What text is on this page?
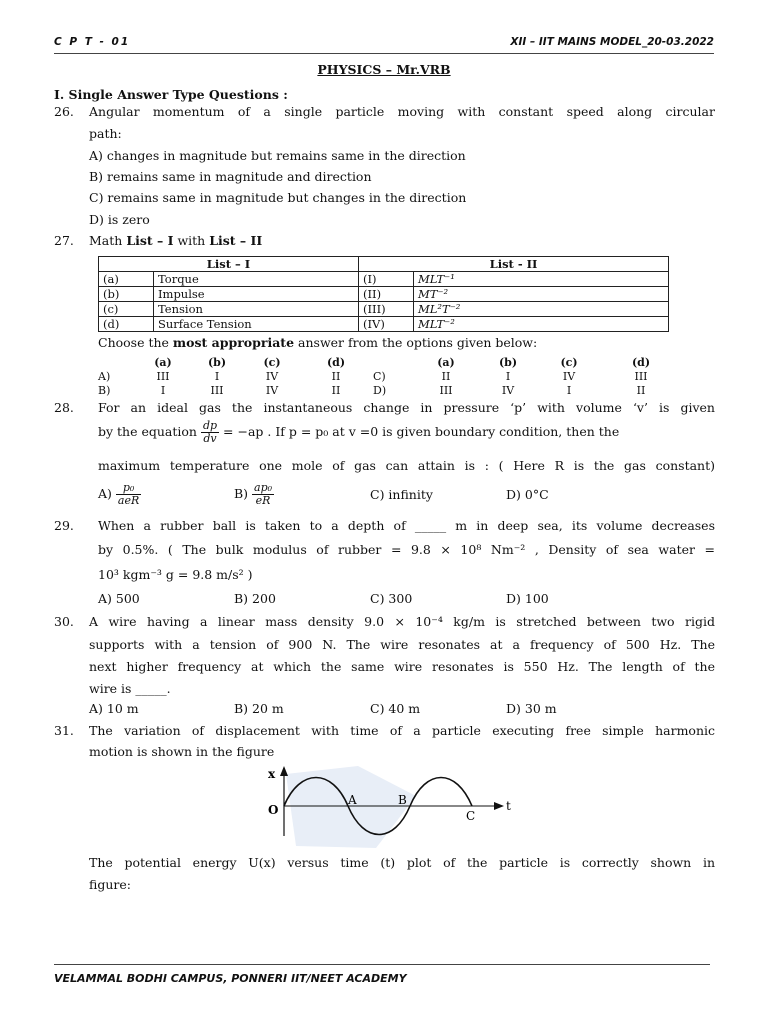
C P T - 01	XII – IIT MAINS MODEL_20-03.2022
PHYSICS – Mr.VRB
I. Single Answer Type Questions :
26. Angular momentum of a single particle moving with constant speed along circular
path:
A) changes in magnitude but remains same in the direction
B) remains same in magnitude and direction
C) remains same in magnitude but changes in the direction
D) is zero
27. Math List – I with List – II
List – I		List - II	
(a)	Torque	(I)	MLT⁻¹
(b)	Impulse	(II)	MT⁻²
(c)	Tension	(III)	ML²T⁻²
(d)	Surface Tension	(IV)	MLT⁻²
Choose the most appropriate answer from the options given below:
(a)	(b)	(c)	(d)	(a)	(b)	(c)	(d)
A)	III	I	IV	II	C)	II	I	IV	III
B)	I	III	IV	II	D)	III	IV	I	II
28. For an ideal gas the instantaneous change in pressure ‘p’ with volume ‘v’ is given
by the equation $\frac{dp}{dv} = -ap$ . If p = p₀ at v =0 is given boundary condition, then the
maximum temperature one mole of gas can attain is : ( Here R is the gas constant)
$A) \frac{\text{p₀}}{\text{aeR}}$	$B) \frac{\text{ap₀}}{eR}$	C) infinity	D) 0°C
29. When a rubber ball is taken to a depth of _____ m in deep sea, its volume decreases
by 0.5%. ( The bulk modulus of rubber = 9.8 × 10⁸ Nm⁻² , Density of sea water =
10³ kgm⁻³ g = 9.8 m/s² )
A) 500	B) 200	C) 300	D) 100
30. A wire having a linear mass density 9.0 × 10⁻⁴ kg/m is stretched between two rigid
supports with a tension of 900 N. The wire resonates at a frequency of 500 Hz. The
next higher frequency at which the same wire resonates is 550 Hz. The length of the
wire is _____.
A) 10 m	B) 20 m	C) 40 m	D) 30 m
31. The variation of displacement with time of a particle executing free simple harmonic
motion is shown in the figure
x
O
A	B
C
t
The potential energy U(x) versus time (t) plot of the particle is correctly shown in
figure:
VELAMMAL BODHI CAMPUS, PONNERI IIT/NEET ACADEMY
